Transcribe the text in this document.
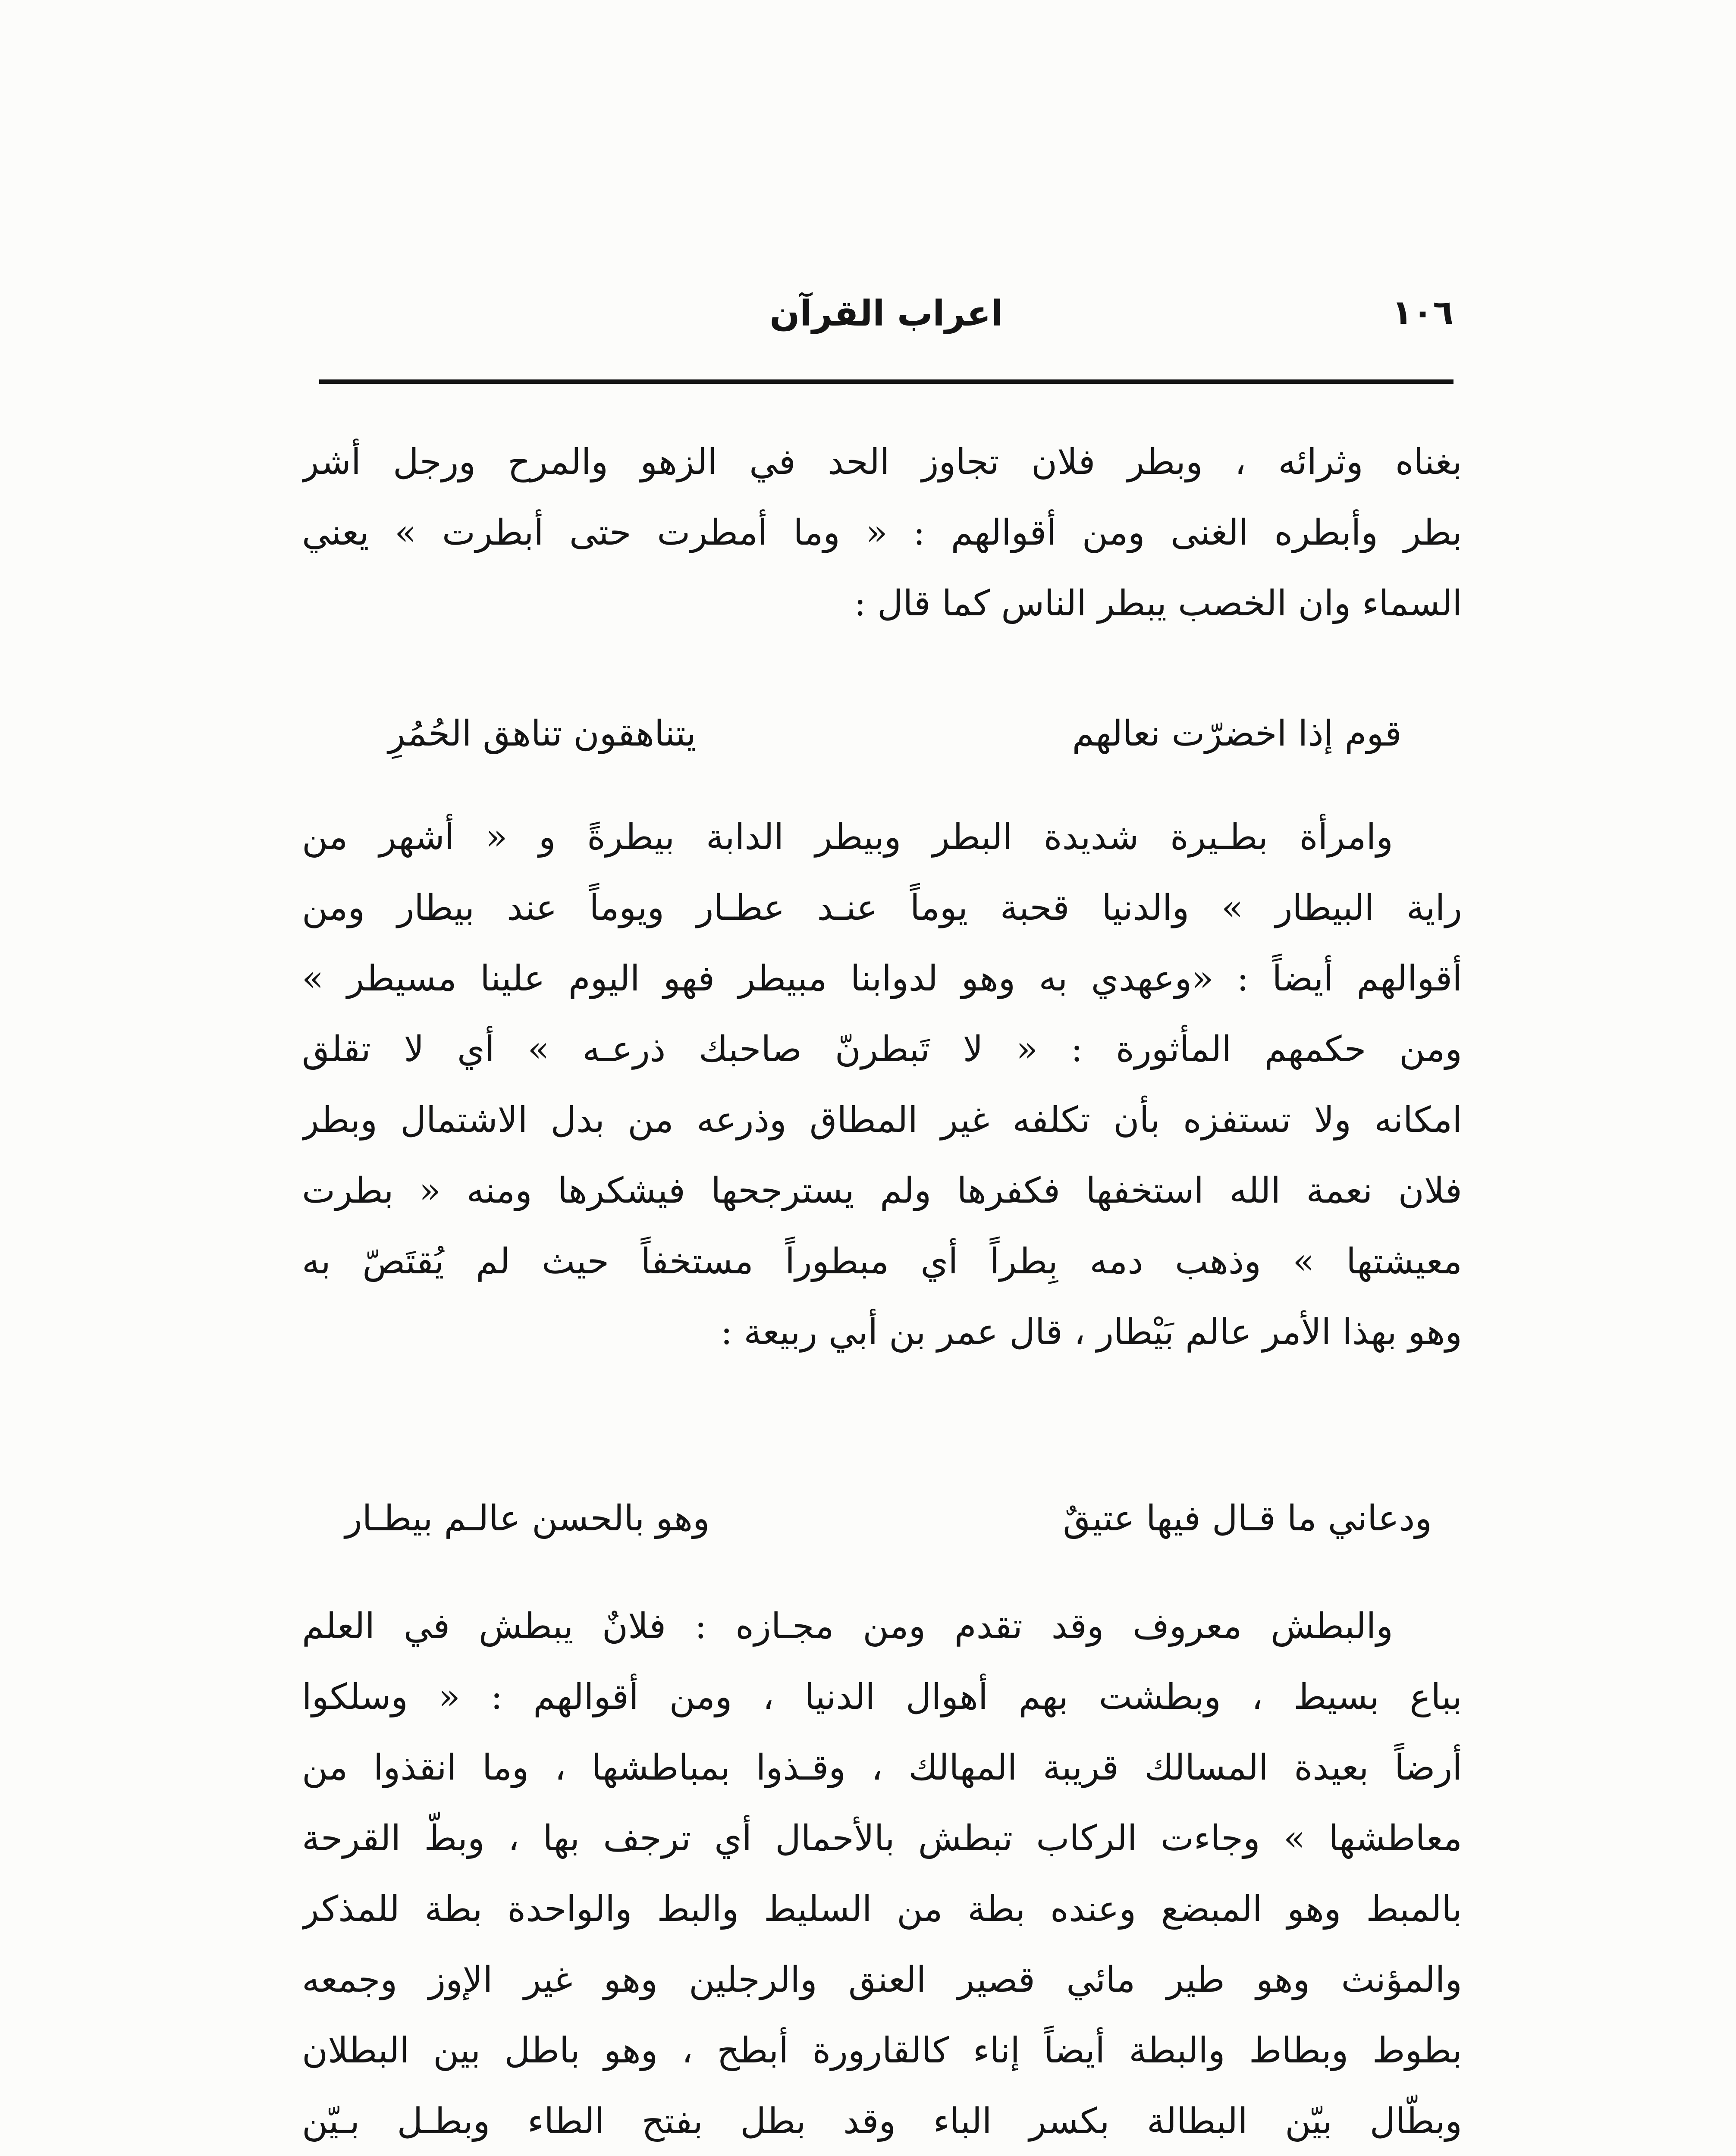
١٠٦
اعراب القرآن
بغناه وثرائه ، وبطر فلان تجاوز الحد في الزهو والمرح ورجل أشر
بطر وأبطره الغنى ومن أقوالهم : « وما أمطرت حتى أبطرت » يعني
السماء وان الخصب يبطر الناس كما قال :
قوم إذا اخضرّت نعالهم
يتناهقون تناهق الحُمُرِ
وامرأة بطـيرة شديدة البطر وبيطر الدابة بيطرةً و « أشهر من
راية البيطار » والدنيا قحبة يوماً عنـد عطـار ويوماً عند بيطار ومن
أقوالهم أيضاً : «وعهدي به وهو لدوابنا مبيطر فهو اليوم علينا مسيطر »
ومن حكمهم المأثورة : « لا تَبطرنّ صاحبك ذرعـه » أي لا تقلق
امكانه ولا تستفزه بأن تكلفه غير المطاق وذرعه من بدل الاشتمال وبطر
فلان نعمة الله استخفها فكفرها ولم يسترجحها فيشكرها ومنه « بطرت
معيشتها » وذهب دمه بِطراً أي مبطوراً مستخفاً حيث لم يُقتَصّ به
وهو بهذا الأمر عالم بَيْطار ، قال عمر بن أبي ربيعة :
ودعاني ما قـال فيها عتيقٌ
وهو بالحسن عالـم بيطـار
والبطش معروف وقد تقدم ومن مجـازه : فلانٌ يبطش في العلم
بباع بسيط ، وبطشت بهم أهوال الدنيا ، ومن أقوالهم : « وسلكوا
أرضاً بعيدة المسالك قريبة المهالك ، وقـذوا بمباطشها ، وما انقذوا من
معاطشها » وجاءت الركاب تبطش بالأحمال أي ترجف بها ، وبطّ القرحة
بالمبط وهو المبضع وعنده بطة من السليط والبط والواحدة بطة للمذكر
والمؤنث وهو طير مائي قصير العنق والرجلين وهو غير الإوز وجمعه
بطوط وبطاط والبطة أيضاً إناء كالقارورة أبطح ، وهو باطل بين البطلان
وبطّال بيّن البطالة بكسر الباء وقد بطل بفتح الطاء وبطـل بـيّن
